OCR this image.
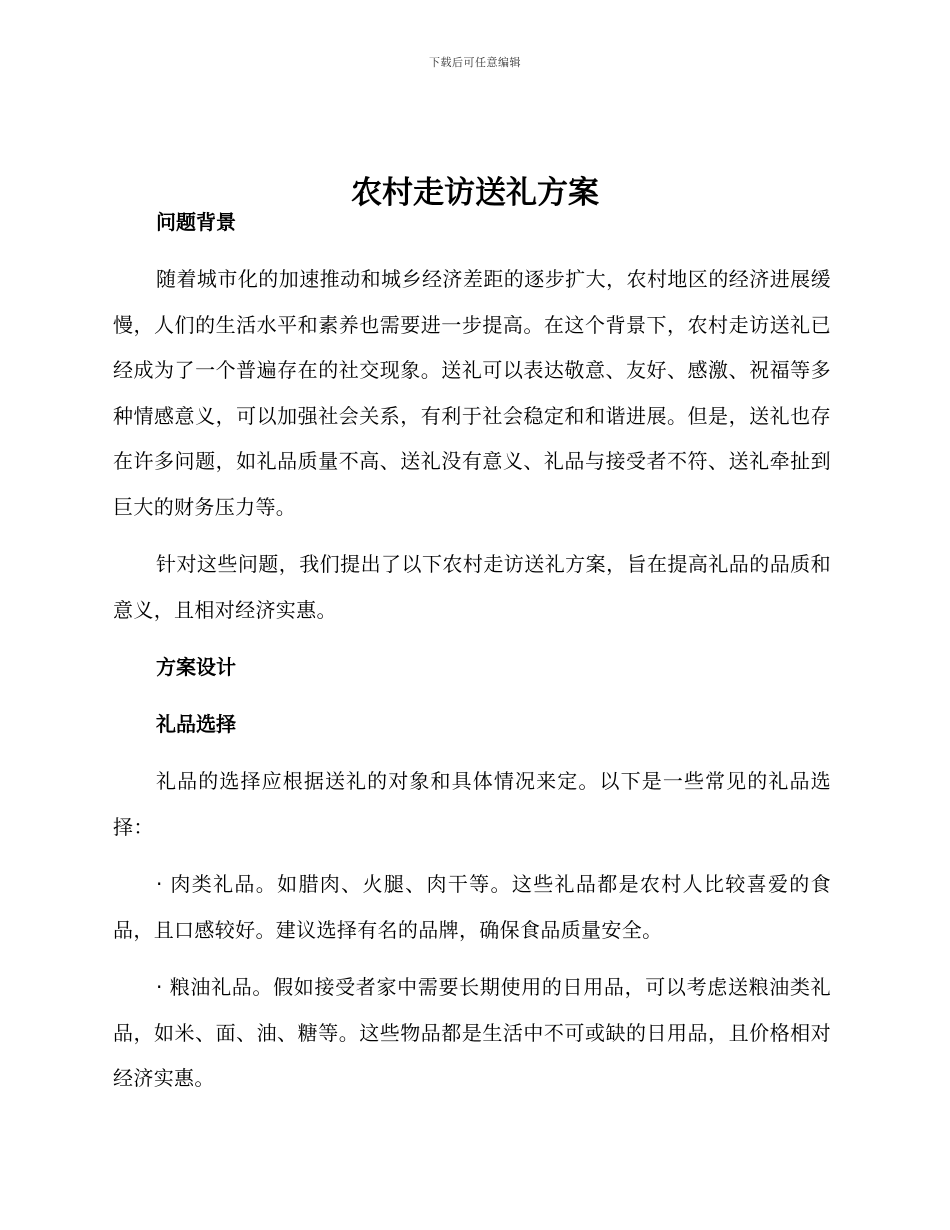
下载后可任意编辑
农村走访送礼方案
问题背景

随着城市化的加速推动和城乡经济差距的逐步扩大，农村地区的经济进展缓慢，人们的生活水平和素养也需要进一步提高。在这个背景下，农村走访送礼已经成为了一个普遍存在的社交现象。送礼可以表达敬意、友好、感激、祝福等多种情感意义，可以加强社会关系，有利于社会稳定和和谐进展。但是，送礼也存在许多问题，如礼品质量不高、送礼没有意义、礼品与接受者不符、送礼牵扯到巨大的财务压力等。

针对这些问题，我们提出了以下农村走访送礼方案，旨在提高礼品的品质和意义，且相对经济实惠。

方案设计
礼品选择

礼品的选择应根据送礼的对象和具体情况来定。以下是一些常见的礼品选择：

· 肉类礼品。如腊肉、火腿、肉干等。这些礼品都是农村人比较喜爱的食品，且口感较好。建议选择有名的品牌，确保食品质量安全。

· 粮油礼品。假如接受者家中需要长期使用的日用品，可以考虑送粮油类礼品，如米、面、油、糖等。这些物品都是生活中不可或缺的日用品，且价格相对经济实惠。
